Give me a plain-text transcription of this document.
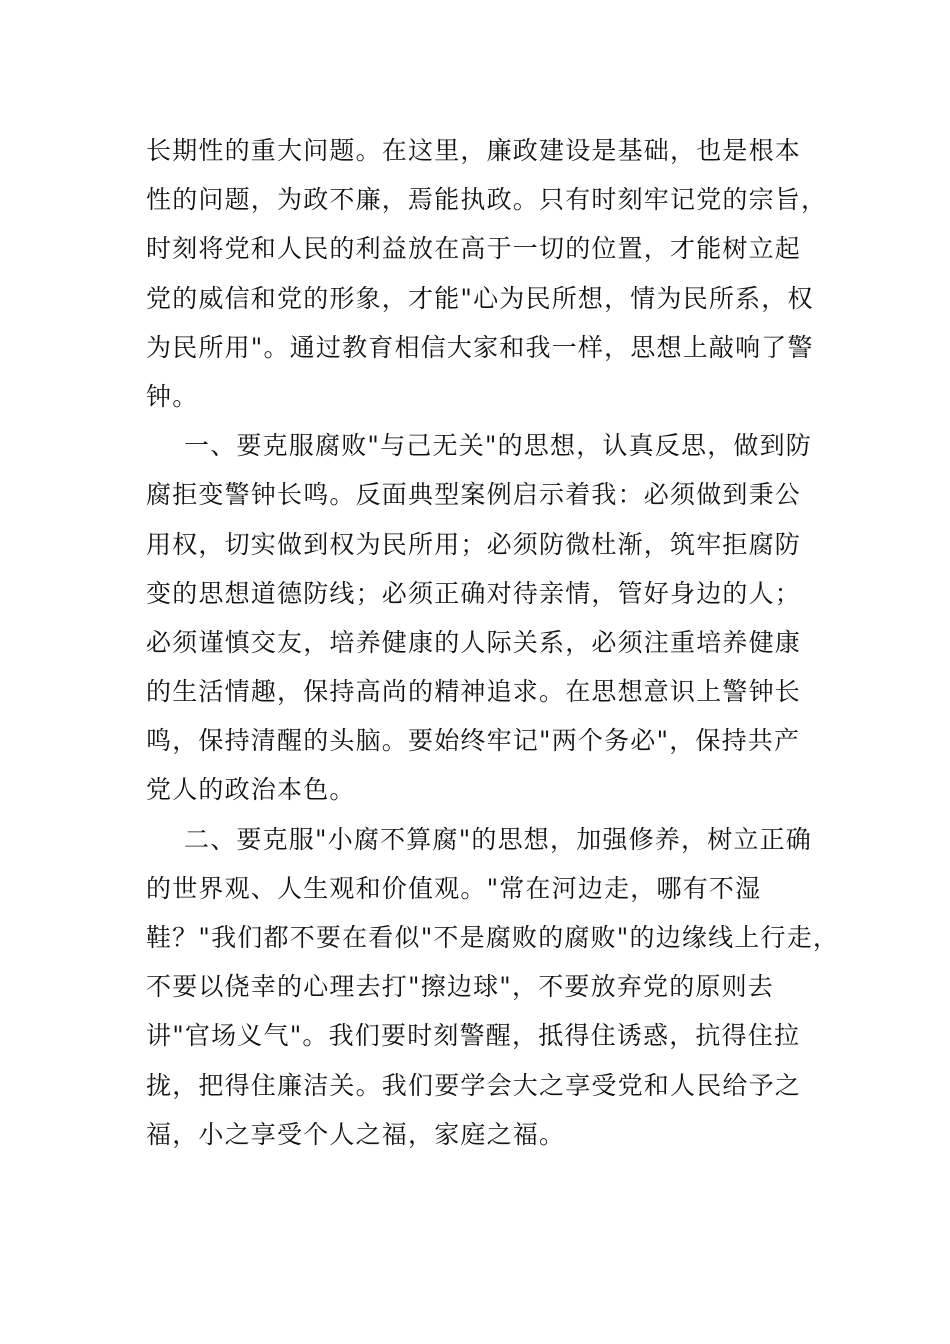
长期性的重大问题。在这里，廉政建设是基础，也是根本
性的问题，为政不廉，焉能执政。只有时刻牢记党的宗旨，
时刻将党和人民的利益放在高于一切的位置，才能树立起
党的威信和党的形象，才能"心为民所想，情为民所系，权
为民所用"。通过教育相信大家和我一样，思想上敲响了警
钟。
一、要克服腐败"与己无关"的思想，认真反思，做到防
腐拒变警钟长鸣。反面典型案例启示着我：必须做到秉公
用权，切实做到权为民所用；必须防微杜渐，筑牢拒腐防
变的思想道德防线；必须正确对待亲情，管好身边的人；
必须谨慎交友，培养健康的人际关系，必须注重培养健康
的生活情趣，保持高尚的精神追求。在思想意识上警钟长
鸣，保持清醒的头脑。要始终牢记"两个务必"，保持共产
党人的政治本色。
二、要克服"小腐不算腐"的思想，加强修养，树立正确
的世界观、人生观和价值观。"常在河边走，哪有不湿
鞋？"我们都不要在看似"不是腐败的腐败"的边缘线上行走，
不要以侥幸的心理去打"擦边球"，不要放弃党的原则去
讲"官场义气"。我们要时刻警醒，抵得住诱惑，抗得住拉
拢，把得住廉洁关。我们要学会大之享受党和人民给予之
福，小之享受个人之福，家庭之福。
